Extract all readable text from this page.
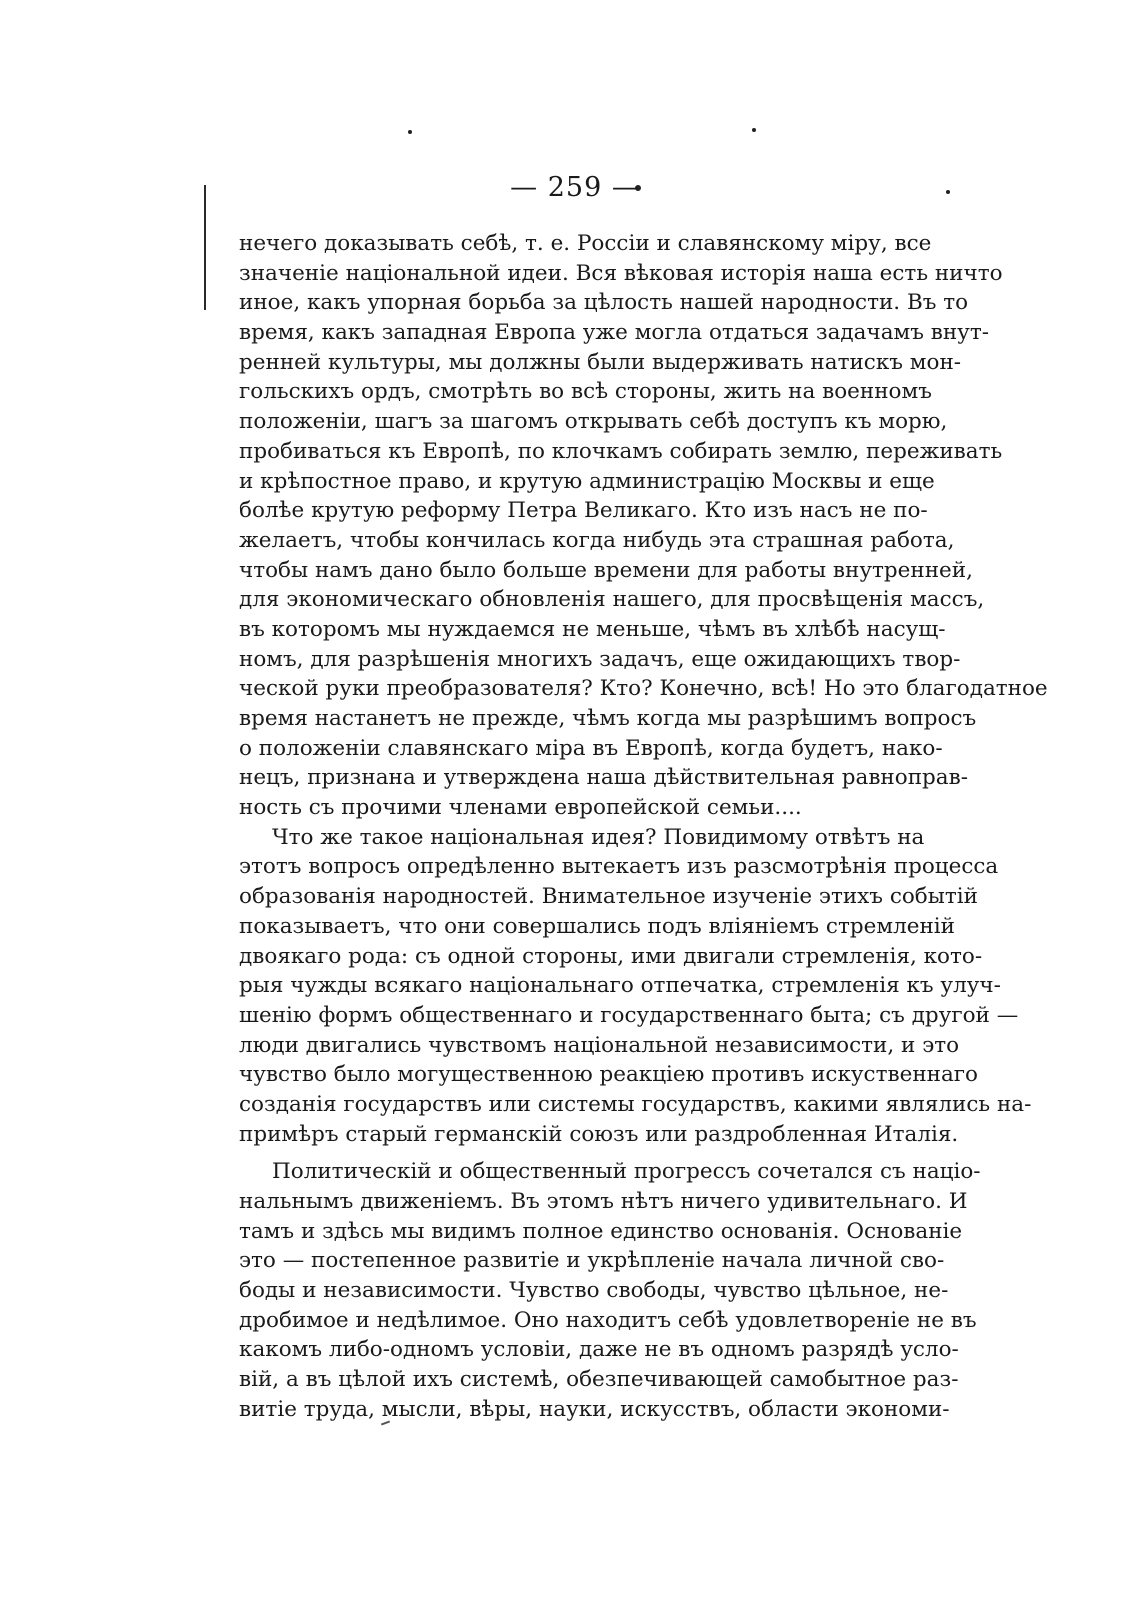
— 259 —
нечего доказывать себѣ, т. е. Россіи и славянскому міру, все
значеніе національной идеи. Вся вѣковая исторія наша есть ничто
иное, какъ упорная борьба за цѣлость нашей народности. Въ то
время, какъ западная Европа уже могла отдаться задачамъ внут-
ренней культуры, мы должны были выдерживать натискъ мон-
гольскихъ ордъ, смотрѣть во всѣ стороны, жить на военномъ
положеніи, шагъ за шагомъ открывать себѣ доступъ къ морю,
пробиваться къ Европѣ, по клочкамъ собирать землю, переживать
и крѣпостное право, и крутую администрацію Москвы и еще
болѣе крутую реформу Петра Великаго. Кто изъ насъ не по-
желаетъ, чтобы кончилась когда нибудь эта страшная работа,
чтобы намъ дано было больше времени для работы внутренней,
для экономическаго обновленія нашего, для просвѣщенія массъ,
въ которомъ мы нуждаемся не меньше, чѣмъ въ хлѣбѣ насущ-
номъ, для разрѣшенія многихъ задачъ, еще ожидающихъ твор-
ческой руки преобразователя? Кто? Конечно, всѣ! Но это благодатное
время настанетъ не прежде, чѣмъ когда мы разрѣшимъ вопросъ
о положеніи славянскаго міра въ Европѣ, когда будетъ, нако-
нецъ, признана и утверждена наша дѣйствительная равноправ-
ность съ прочими членами европейской семьи....
Что же такое національная идея? Повидимому отвѣтъ на
этотъ вопросъ опредѣленно вытекаетъ изъ разсмотрѣнія процесса
образованія народностей. Внимательное изученіе этихъ событій
показываетъ, что они совершались подъ вліяніемъ стремленій
двоякаго рода: съ одной стороны, ими двигали стремленія, кото-
рыя чужды всякаго національнаго отпечатка, стремленія къ улуч-
шенію формъ общественнаго и государственнаго быта; съ другой —
люди двигались чувствомъ національной независимости, и это
чувство было могущественною реакціею противъ искуственнаго
созданія государствъ или системы государствъ, какими являлись на-
примѣръ старый германскій союзъ или раздробленная Италія.
Политическій и общественный прогрессъ сочетался съ націо-
нальнымъ движеніемъ. Въ этомъ нѣтъ ничего удивительнаго. И
тамъ и здѣсь мы видимъ полное единство основанія. Основаніе
это — постепенное развитіе и укрѣпленіе начала личной сво-
боды и независимости. Чувство свободы, чувство цѣльное, не-
дробимое и недѣлимое. Оно находитъ себѣ удовлетвореніе не въ
какомъ либо-одномъ условіи, даже не въ одномъ разрядѣ усло-
вій, а въ цѣлой ихъ системѣ, обезпечивающей самобытное раз-
витіе труда, мысли, вѣры, науки, искусствъ, области экономи-
